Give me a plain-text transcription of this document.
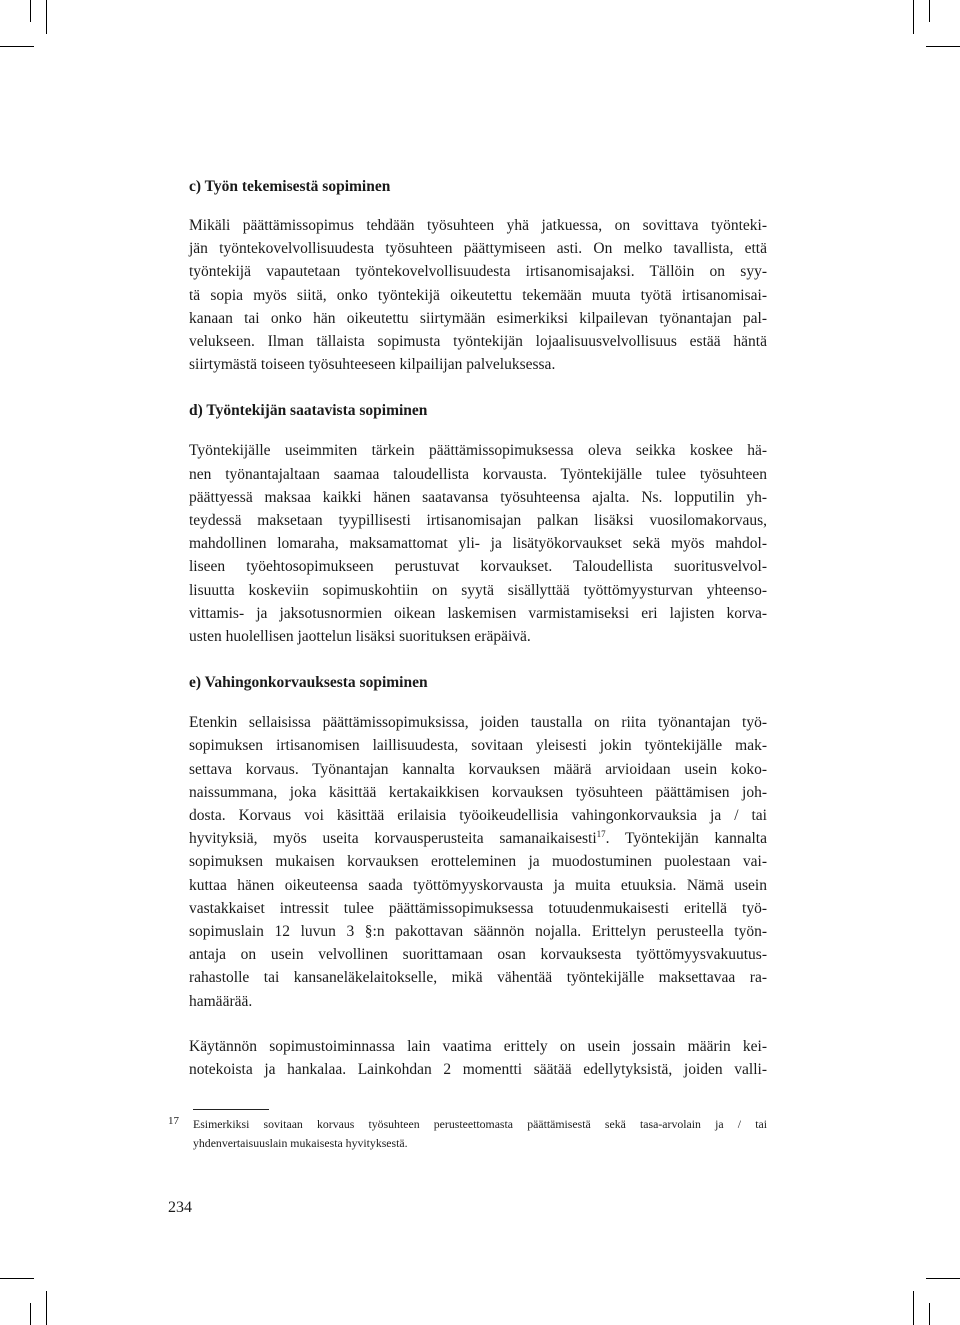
c) Työn tekemisestä sopiminen
Mikäli päättämissopimus tehdään työsuhteen yhä jatkuessa, on sovittava työnteki-
jän työntekovelvollisuudesta työsuhteen päättymiseen asti. On melko tavallista, että
työntekijä vapautetaan työntekovelvollisuudesta irtisanomisajaksi. Tällöin on syy-
tä sopia myös siitä, onko työntekijä oikeutettu tekemään muuta työtä irtisanomisai-
kanaan tai onko hän oikeutettu siirtymään esimerkiksi kilpailevan työnantajan pal-
velukseen. Ilman tällaista sopimusta työntekijän lojaalisuusvelvollisuus estää häntä
siirtymästä toiseen työsuhteeseen kilpailijan palveluksessa.
d) Työntekijän saatavista sopiminen
Työntekijälle useimmiten tärkein päättämissopimuksessa oleva seikka koskee hä-
nen työnantajaltaan saamaa taloudellista korvausta. Työntekijälle tulee työsuhteen
päättyessä maksaa kaikki hänen saatavansa työsuhteensa ajalta. Ns. lopputilin yh-
teydessä maksetaan tyypillisesti irtisanomisajan palkan lisäksi vuosilomakorvaus,
mahdollinen lomaraha, maksamattomat yli- ja lisätyökorvaukset sekä myös mahdol-
liseen työehtosopimukseen perustuvat korvaukset. Taloudellista suoritusvelvol-
lisuutta koskeviin sopimuskohtiin on syytä sisällyttää työttömyysturvan yhteenso-
vittamis- ja jaksotusnormien oikean laskemisen varmistamiseksi eri lajisten korva-
usten huolellisen jaottelun lisäksi suorituksen eräpäivä.
e) Vahingonkorvauksesta sopiminen
Etenkin sellaisissa päättämissopimuksissa, joiden taustalla on riita työnantajan työ-
sopimuksen irtisanomisen laillisuudesta, sovitaan yleisesti jokin työntekijälle mak-
settava korvaus. Työnantajan kannalta korvauksen määrä arvioidaan usein koko-
naissummana, joka käsittää kertakaikkisen korvauksen työsuhteen päättämisen joh-
dosta. Korvaus voi käsittää erilaisia työoikeudellisia vahingonkorvauksia ja / tai
hyvityksiä, myös useita korvausperusteita samanaikaisesti$^{17}$. Työntekijän kannalta
sopimuksen mukaisen korvauksen erotteleminen ja muodostuminen puolestaan vai-
kuttaa hänen oikeuteensa saada työttömyyskorvausta ja muita etuuksia. Nämä usein
vastakkaiset intressit tulee päättämissopimuksessa totuudenmukaisesti eritellä työ-
sopimuslain 12 luvun 3 §:n pakottavan säännön nojalla. Erittelyn perusteella työn-
antaja on usein velvollinen suorittamaan osan korvauksesta työttömyysvakuutus-
rahastolle tai kansaneläkelaitokselle, mikä vähentää työntekijälle maksettavaa ra-
hamäärää.
Käytännön sopimustoiminnassa lain vaatima erittely on usein jossain määrin kei-
notekoista ja hankalaa. Lainkohdan 2 momentti säätää edellytyksistä, joiden valli-
17 Esimerkiksi sovitaan korvaus työsuhteen perusteettomasta päättämisestä sekä tasa-arvolain ja / tai
yhdenvertaisuuslain mukaisesta hyvityksestä.
234
